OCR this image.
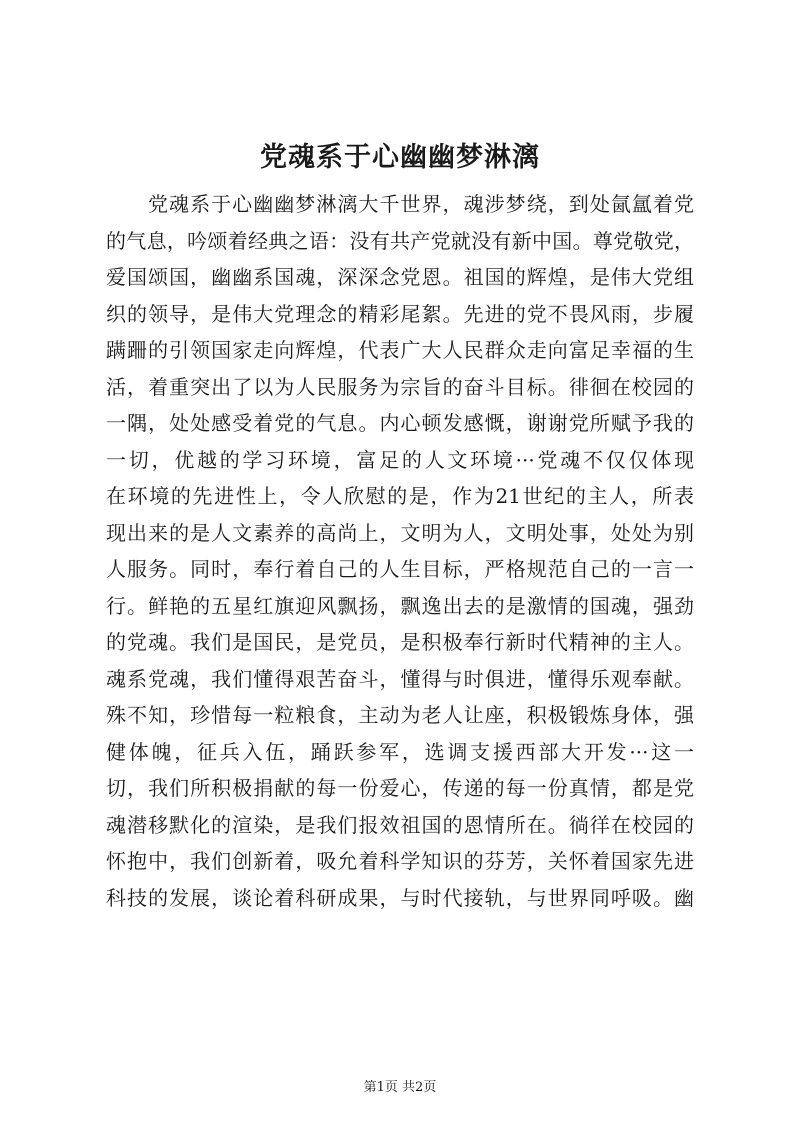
党魂系于心幽幽梦淋漓
党魂系于心幽幽梦淋漓大千世界，魂涉梦绕，到处氤氲着党
的气息，吟颂着经典之语：没有共产党就没有新中国。尊党敬党，
爱国颂国，幽幽系国魂，深深念党恩。祖国的辉煌，是伟大党组
织的领导，是伟大党理念的精彩尾絮。先进的党不畏风雨，步履
蹒跚的引领国家走向辉煌，代表广大人民群众走向富足幸福的生
活，着重突出了以为人民服务为宗旨的奋斗目标。徘徊在校园的
一隅，处处感受着党的气息。内心顿发感慨，谢谢党所赋予我的
一切，优越的学习环境，富足的人文环境···党魂不仅仅体现
在环境的先进性上，令人欣慰的是，作为21世纪的主人，所表
现出来的是人文素养的高尚上，文明为人，文明处事，处处为别
人服务。同时，奉行着自己的人生目标，严格规范自己的一言一
行。鲜艳的五星红旗迎风飘扬，飘逸出去的是激情的国魂，强劲
的党魂。我们是国民，是党员，是积极奉行新时代精神的主人。
魂系党魂，我们懂得艰苦奋斗，懂得与时俱进，懂得乐观奉献。
殊不知，珍惜每一粒粮食，主动为老人让座，积极锻炼身体，强
健体魄，征兵入伍，踊跃参军，选调支援西部大开发···这一
切，我们所积极捐献的每一份爱心，传递的每一份真情，都是党
魂潜移默化的渲染，是我们报效祖国的恩情所在。徜徉在校园的
怀抱中，我们创新着，吸允着科学知识的芬芳，关怀着国家先进
科技的发展，谈论着科研成果，与时代接轨，与世界同呼吸。幽
第1页 共2页
